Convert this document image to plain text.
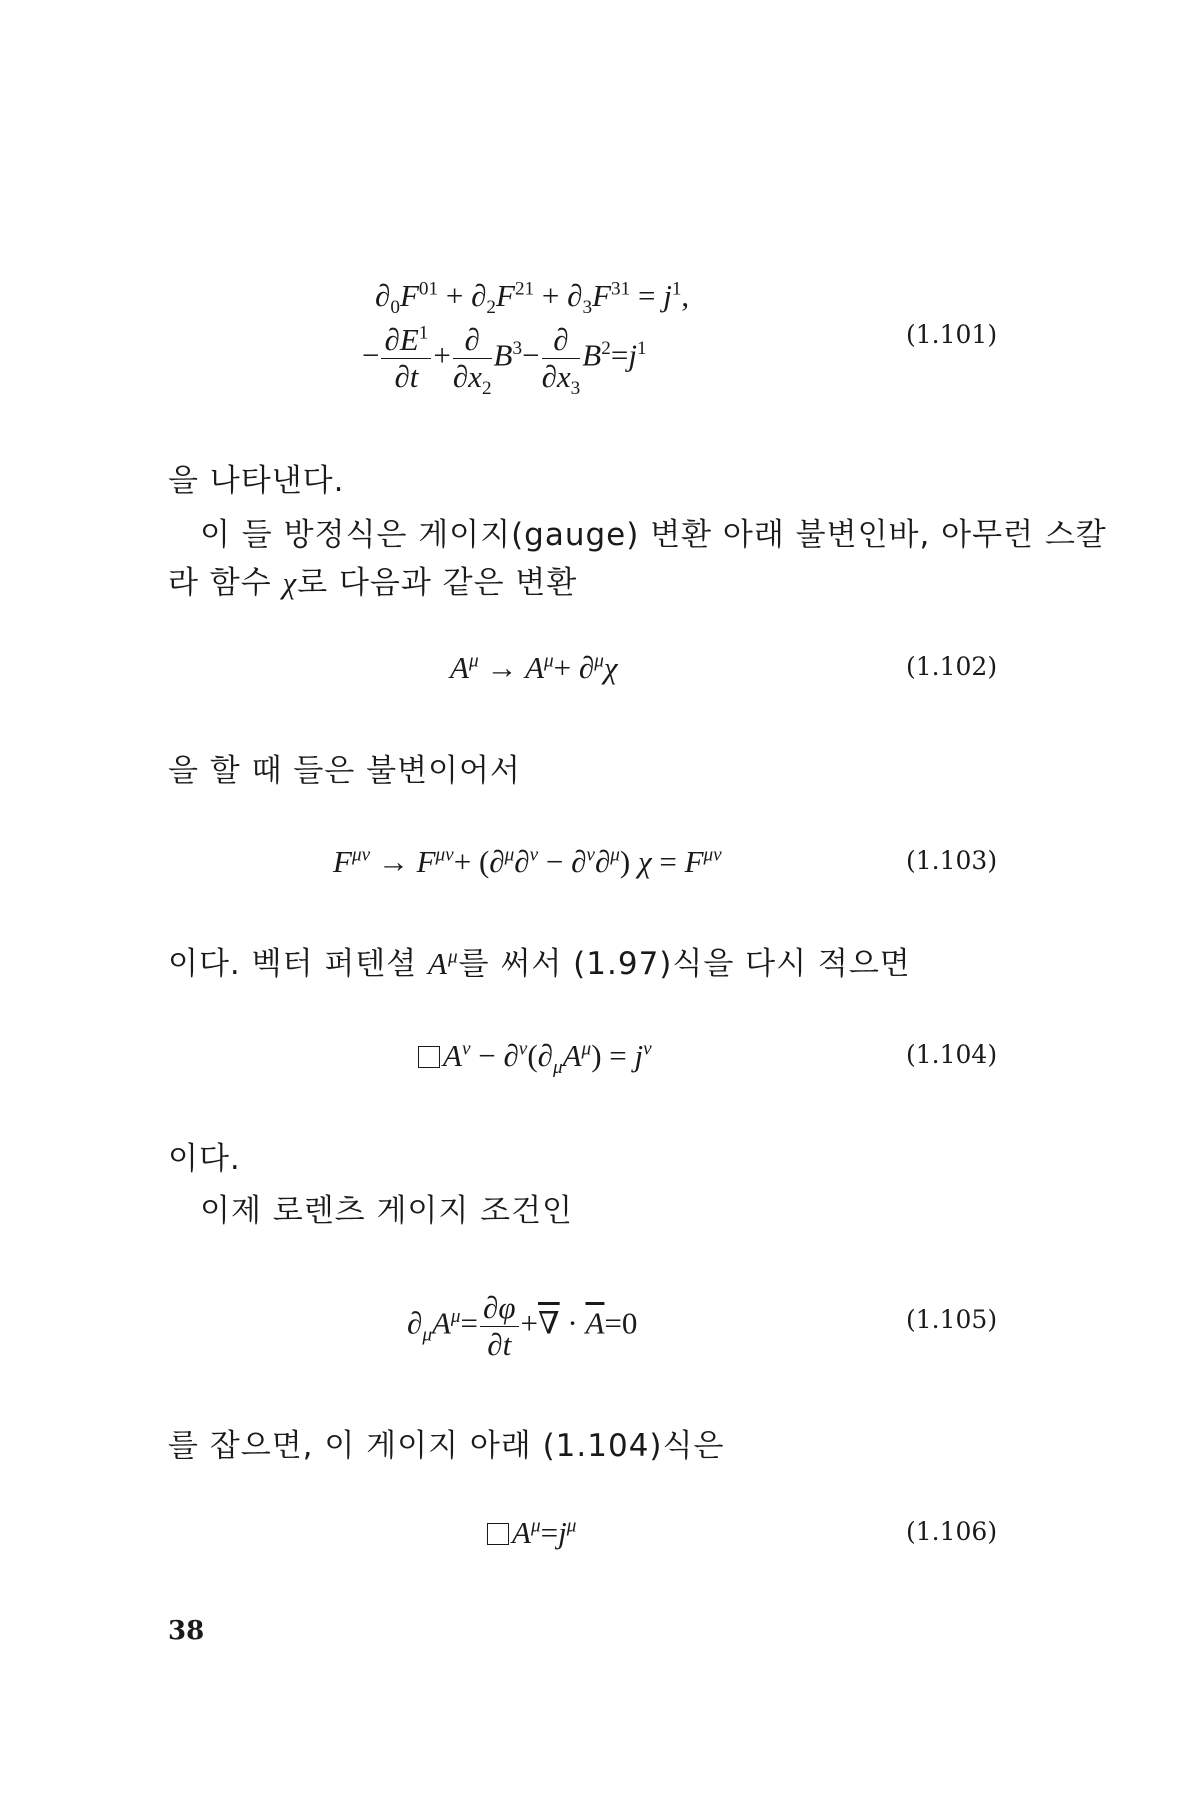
$\partial_0F^{01} + \partial_2F^{21} + \partial_3F^{31} = j^1$,
− $\frac{\partial E^1}{\partial t} + \frac{\partial}{\partial x_2} B^3- \frac{\partial}{\partial x_3} B^2=j^1$	(1.101)
을 나타낸다.
이 들 방정식은 게이지(gauge) 변환 아래 불변인바, 아무런 스칼
라 함수 χ로 다음과 같은 변환
$A^\mu \to A^\mu+ \partial^\mu\chi$	(1.102)
을 할 때 들은 불변이어서
$F^{\mu\nu} \to F^{\mu\nu}+ (\partial^\mu\partial^\nu - \partial^\nu\partial^\mu) \chi = F^{\mu\nu}$	(1.103)
이다. 벡터 퍼텐셜 $A^\mu$를 써서 (1.97)식을 다시 적으면
$A^\nu - \partial^\nu(\partial_\mu A^\mu) = j^\nu$	(1.104)
이다.
이제 로렌츠 게이지 조건인
$\partial_\mu A^\mu= \frac{\partial\varphi}{\partial t}$ +∇ · $\overline{A}=0$	(1.105)
를 잡으면, 이 게이지 아래 (1.104)식은
$A^\mu=j^\mu$	(1.106)
38
